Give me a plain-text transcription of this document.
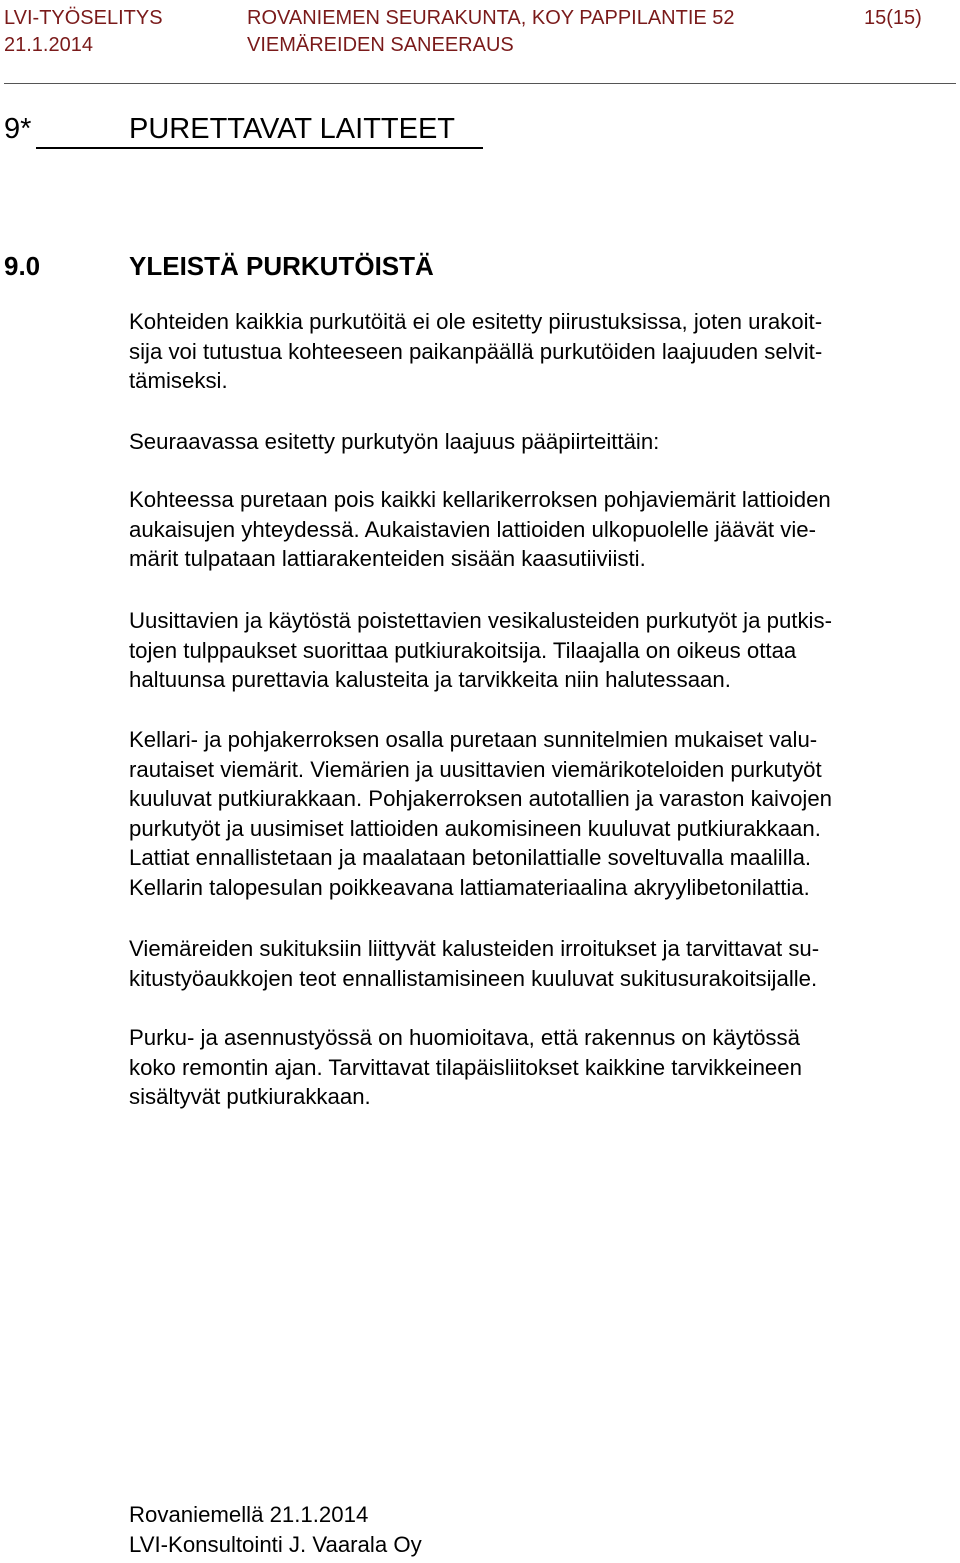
LVI-TYÖSELITYS
21.1.2014
ROVANIEMEN SEURAKUNTA, KOY PAPPILANTIE 52
VIEMÄREIDEN SANEERAUS
15(15)
9*	PURETTAVAT LAITTEET
9.0	YLEISTÄ PURKUTÖISTÄ
Kohteiden kaikkia purkutöitä ei ole esitetty piirustuksissa, joten urakoit-
sija voi tutustua kohteeseen paikanpäällä purkutöiden laajuuden selvit-
tämiseksi.
Seuraavassa esitetty purkutyön laajuus pääpiirteittäin:
Kohteessa puretaan pois kaikki kellarikerroksen pohjaviemärit lattioiden
aukaisujen yhteydessä. Aukaistavien lattioiden ulkopuolelle jäävät vie-
märit tulpataan lattiarakenteiden sisään kaasutiiviisti.
Uusittavien ja käytöstä poistettavien vesikalusteiden purkutyöt ja putkis-
tojen tulppaukset suorittaa putkiurakoitsija. Tilaajalla on oikeus ottaa
haltuunsa purettavia kalusteita ja tarvikkeita niin halutessaan.
Kellari- ja pohjakerroksen osalla puretaan sunnitelmien mukaiset valu-
rautaiset viemärit. Viemärien ja uusittavien viemärikoteloiden purkutyöt
kuuluvat putkiurakkaan. Pohjakerroksen autotallien ja varaston kaivojen
purkutyöt ja uusimiset lattioiden aukomisineen kuuluvat putkiurakkaan.
Lattiat ennallistetaan ja maalataan betonilattialle soveltuvalla maalilla.
Kellarin talopesulan poikkeavana lattiamateriaalina akryylibetonilattia.
Viemäreiden sukituksiin liittyvät kalusteiden irroitukset ja tarvittavat su-
kitustyöaukkojen teot ennallistamisineen kuuluvat sukitusurakoitsijalle.
Purku- ja asennustyössä on huomioitava, että rakennus on käytössä
koko remontin ajan. Tarvittavat tilapäisliitokset kaikkine tarvikkeineen
sisältyvät putkiurakkaan.
Rovaniemellä 21.1.2014
LVI-Konsultointi J. Vaarala Oy
